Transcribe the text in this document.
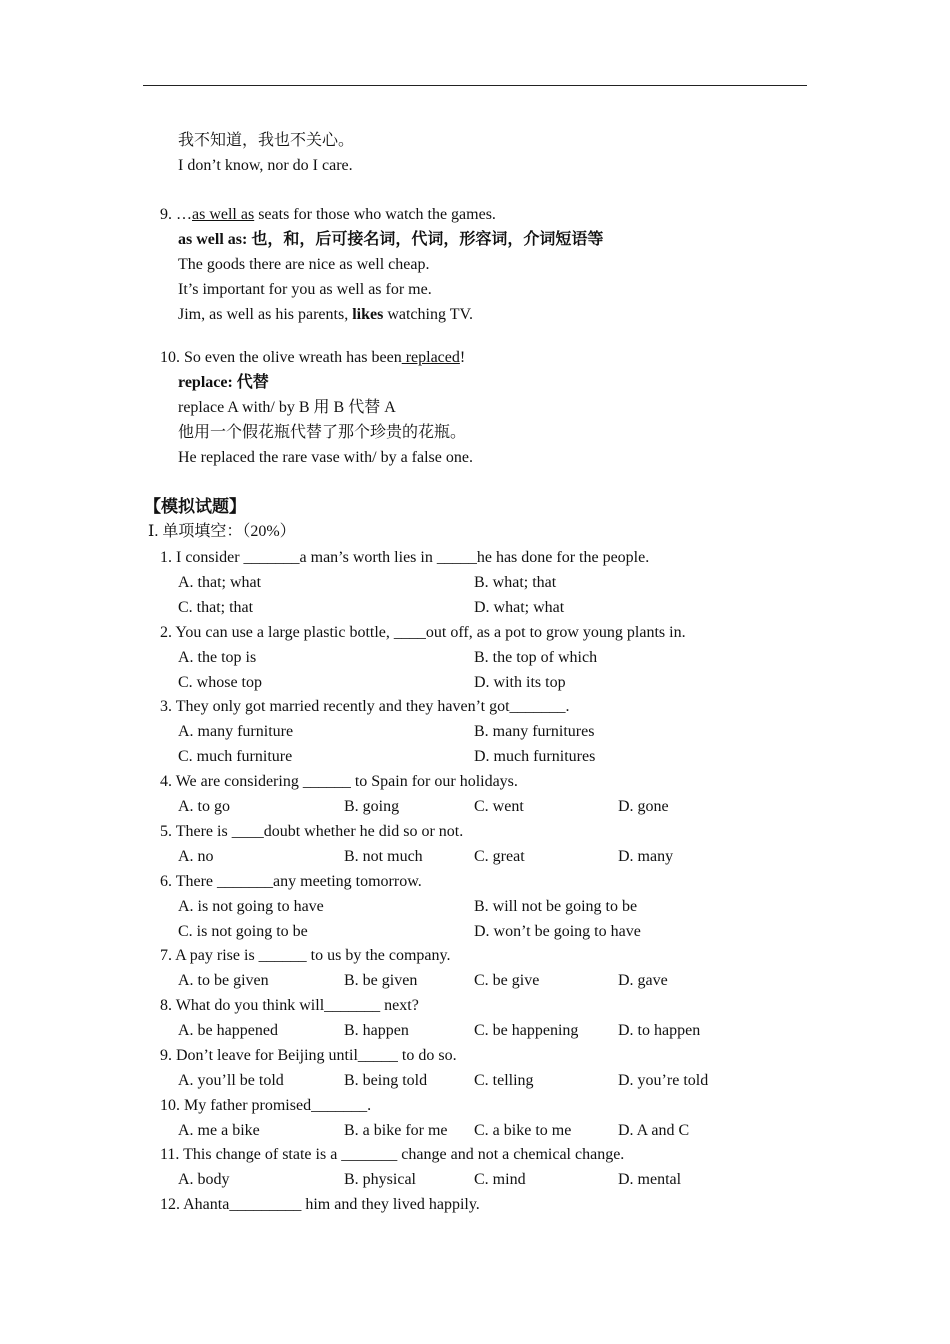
我不知道，我也不关心。
I don’t know, nor do I care.
9. …as well as seats for those who watch the games.
as well as: 也，和，后可接名词，代词，形容词，介词短语等
The goods there are nice as well cheap.
It’s important for you as well as for me.
Jim, as well as his parents, likes watching TV.
10. So even the olive wreath has been replaced!
replace: 代替
replace A with/ by B 用 B 代替 A
他用一个假花瓶代替了那个珍贵的花瓶。
He replaced the rare vase with/ by a false one.
【模拟试题】
Ⅰ. 单项填空：（20%）
1. I consider _______a man’s worth lies in _____he has done for the people.
A. that; what	B. what; that
C. that; that	D. what; what
2. You can use a large plastic bottle, ____out off, as a pot to grow young plants in.
A. the top is	B. the top of which
C. whose top	D. with its top
3. They only got married recently and they haven’t got_______.
A. many furniture	B. many furnitures
C. much furniture	D. much furnitures
4. We are considering ______ to Spain for our holidays.
A. to go	B. going	C. went	D. gone
5. There is ____doubt whether he did so or not.
A. no	B. not much	C. great	D. many
6. There _______any meeting tomorrow.
A. is not going to have	B. will not be going to be
C. is not going to be	D. won’t be going to have
7. A pay rise is ______ to us by the company.
A. to be given	B. be given	C. be give	D. gave
8. What do you think will_______ next?
A. be happened	B. happen	C. be happening D. to happen
9. Don’t leave for Beijing until_____ to do so.
A. you’ll be told	B. being told	C. telling	D. you’re told
10. My father promised_______.
A. me a bike	B. a bike for me C. a bike to me	D. A and C
11. This change of state is a _______ change and not a chemical change.
A. body	B. physical	C. mind	D. mental
12. Ahanta_________ him and they lived happily.
